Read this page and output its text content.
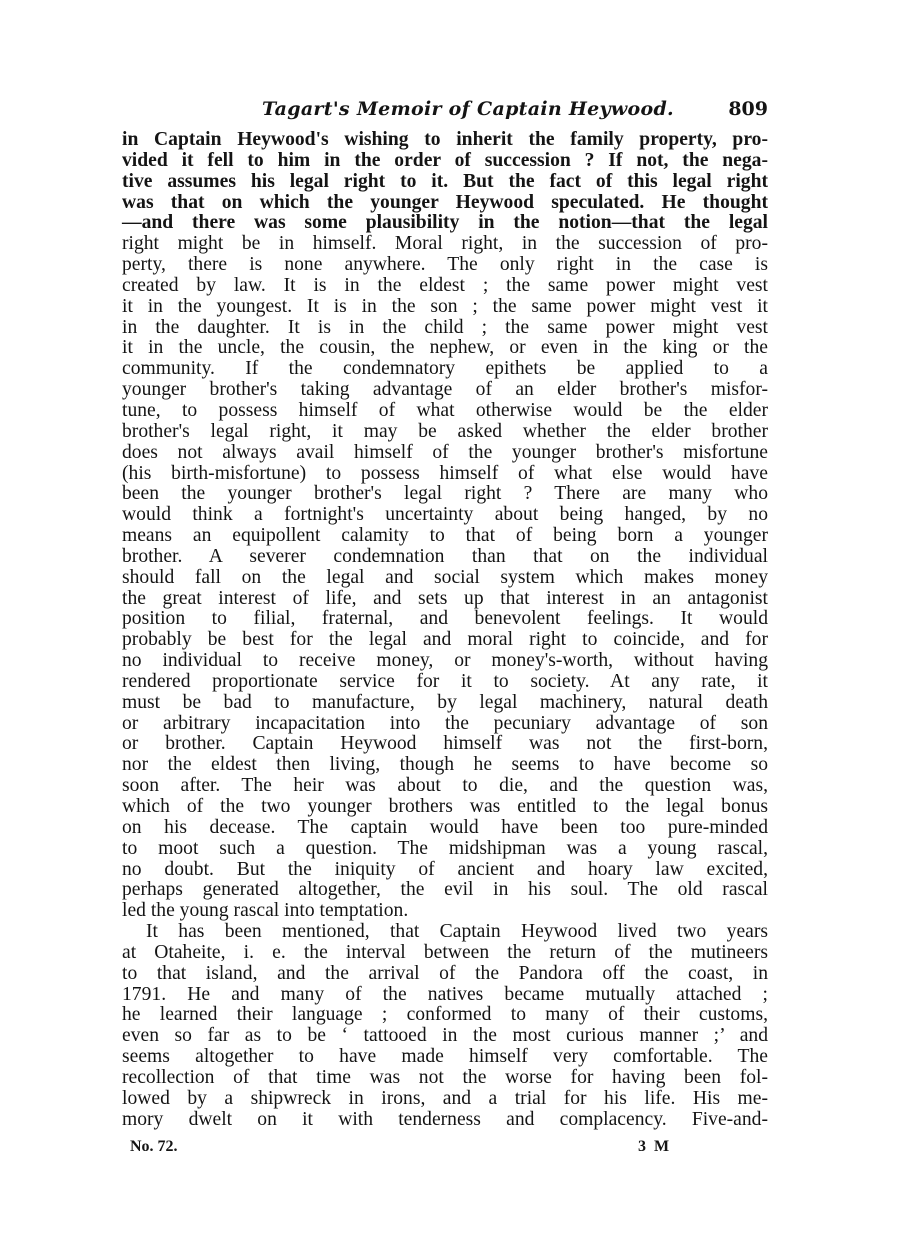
Tagart's Memoir of Captain Heywood.	809
in Captain Heywood's wishing to inherit the family property, pro-
vided it fell to him in the order of succession ? If not, the nega-
tive assumes his legal right to it. But the fact of this legal right
was that on which the younger Heywood speculated. He thought
—and there was some plausibility in the notion—that the legal
right might be in himself. Moral right, in the succession of pro-
perty, there is none anywhere. The only right in the case is
created by law. It is in the eldest ; the same power might vest
it in the youngest. It is in the son ; the same power might vest it
in the daughter. It is in the child ; the same power might vest
it in the uncle, the cousin, the nephew, or even in the king or the
community. If the condemnatory epithets be applied to a
younger brother's taking advantage of an elder brother's misfor-
tune, to possess himself of what otherwise would be the elder
brother's legal right, it may be asked whether the elder brother
does not always avail himself of the younger brother's misfortune
(his birth-misfortune) to possess himself of what else would have
been the younger brother's legal right ? There are many who
would think a fortnight's uncertainty about being hanged, by no
means an equipollent calamity to that of being born a younger
brother. A severer condemnation than that on the individual
should fall on the legal and social system which makes money
the great interest of life, and sets up that interest in an antagonist
position to filial, fraternal, and benevolent feelings. It would
probably be best for the legal and moral right to coincide, and for
no individual to receive money, or money's-worth, without having
rendered proportionate service for it to society. At any rate, it
must be bad to manufacture, by legal machinery, natural death
or arbitrary incapacitation into the pecuniary advantage of son
or brother. Captain Heywood himself was not the first-born,
nor the eldest then living, though he seems to have become so
soon after. The heir was about to die, and the question was,
which of the two younger brothers was entitled to the legal bonus
on his decease. The captain would have been too pure-minded
to moot such a question. The midshipman was a young rascal,
no doubt. But the iniquity of ancient and hoary law excited,
perhaps generated altogether, the evil in his soul. The old rascal
led the young rascal into temptation.
It has been mentioned, that Captain Heywood lived two years
at Otaheite, i. e. the interval between the return of the mutineers
to that island, and the arrival of the Pandora off the coast, in
1791. He and many of the natives became mutually attached ;
he learned their language ; conformed to many of their customs,
even so far as to be ‘ tattooed in the most curious manner ;’ and
seems altogether to have made himself very comfortable. The
recollection of that time was not the worse for having been fol-
lowed by a shipwreck in irons, and a trial for his life. His me-
mory dwelt on it with tenderness and complacency. Five-and-
No. 72.	3 M
